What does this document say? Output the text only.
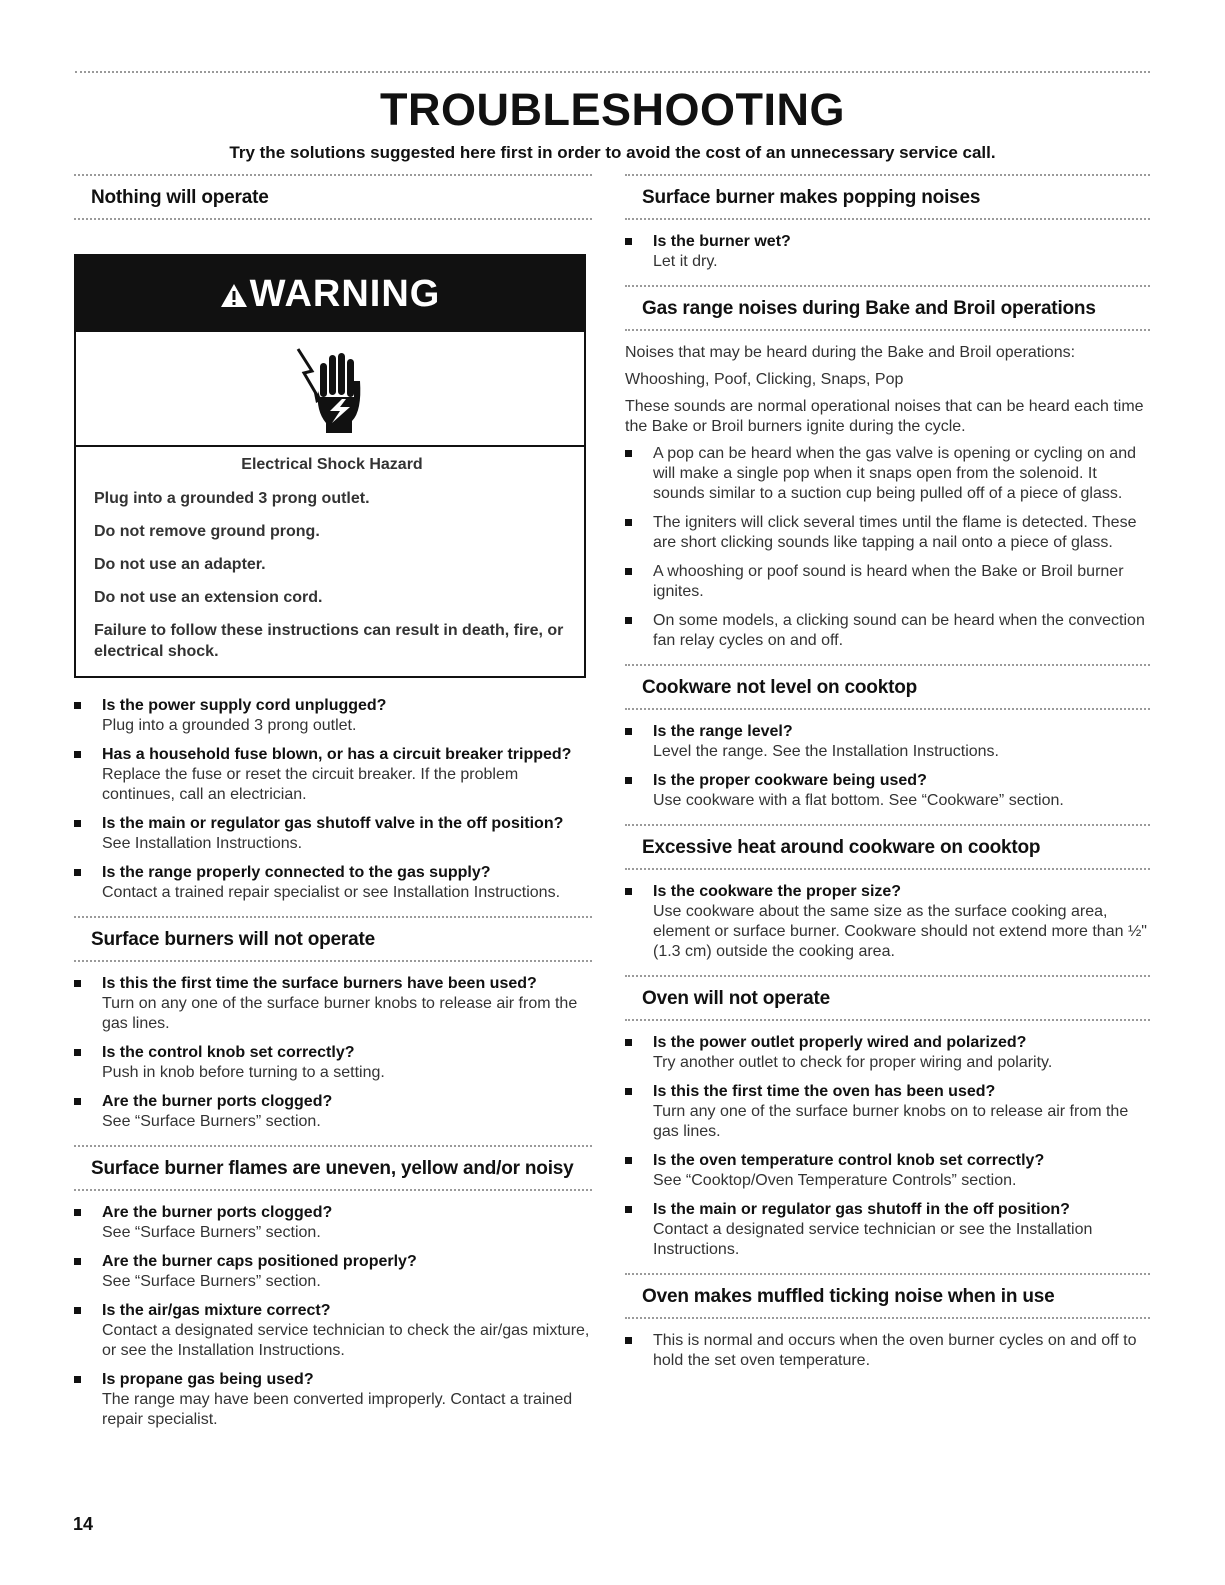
TROUBLESHOOTING
Try the solutions suggested here first in order to avoid the cost of an unnecessary service call.
Nothing will operate
WARNING
Electrical Shock Hazard
Plug into a grounded 3 prong outlet.
Do not remove ground prong.
Do not use an adapter.
Do not use an extension cord.
Failure to follow these instructions can result in death, fire, or electrical shock.
Is the power supply cord unplugged?
Plug into a grounded 3 prong outlet.
Has a household fuse blown, or has a circuit breaker tripped?
Replace the fuse or reset the circuit breaker. If the problem continues, call an electrician.
Is the main or regulator gas shutoff valve in the off position?
See Installation Instructions.
Is the range properly connected to the gas supply?
Contact a trained repair specialist or see Installation Instructions.
Surface burners will not operate
Is this the first time the surface burners have been used?
Turn on any one of the surface burner knobs to release air from the gas lines.
Is the control knob set correctly?
Push in knob before turning to a setting.
Are the burner ports clogged?
See “Surface Burners” section.
Surface burner flames are uneven, yellow and/or noisy
Are the burner ports clogged?
See “Surface Burners” section.
Are the burner caps positioned properly?
See “Surface Burners” section.
Is the air/gas mixture correct?
Contact a designated service technician to check the air/gas mixture, or see the Installation Instructions.
Is propane gas being used?
The range may have been converted improperly. Contact a trained repair specialist.
Surface burner makes popping noises
Is the burner wet?
Let it dry.
Gas range noises during Bake and Broil operations

Noises that may be heard during the Bake and Broil operations:

Whooshing, Poof, Clicking, Snaps, Pop

These sounds are normal operational noises that can be heard each time the Bake or Broil burners ignite during the cycle.

A pop can be heard when the gas valve is opening or cycling on and will make a single pop when it snaps open from the solenoid. It sounds similar to a suction cup being pulled off of a piece of glass.
The igniters will click several times until the flame is detected. These are short clicking sounds like tapping a nail onto a piece of glass.
A whooshing or poof sound is heard when the Bake or Broil burner ignites.
On some models, a clicking sound can be heard when the convection fan relay cycles on and off.
Cookware not level on cooktop
Is the range level?
Level the range. See the Installation Instructions.
Is the proper cookware being used?
Use cookware with a flat bottom. See “Cookware” section.
Excessive heat around cookware on cooktop
Is the cookware the proper size?
Use cookware about the same size as the surface cooking area, element or surface burner. Cookware should not extend more than ½" (1.3 cm) outside the cooking area.
Oven will not operate
Is the power outlet properly wired and polarized?
Try another outlet to check for proper wiring and polarity.
Is this the first time the oven has been used?
Turn any one of the surface burner knobs on to release air from the gas lines.
Is the oven temperature control knob set correctly?
See “Cooktop/Oven Temperature Controls” section.
Is the main or regulator gas shutoff in the off position?
Contact a designated service technician or see the Installation Instructions.
Oven makes muffled ticking noise when in use
This is normal and occurs when the oven burner cycles on and off to hold the set oven temperature.
14
